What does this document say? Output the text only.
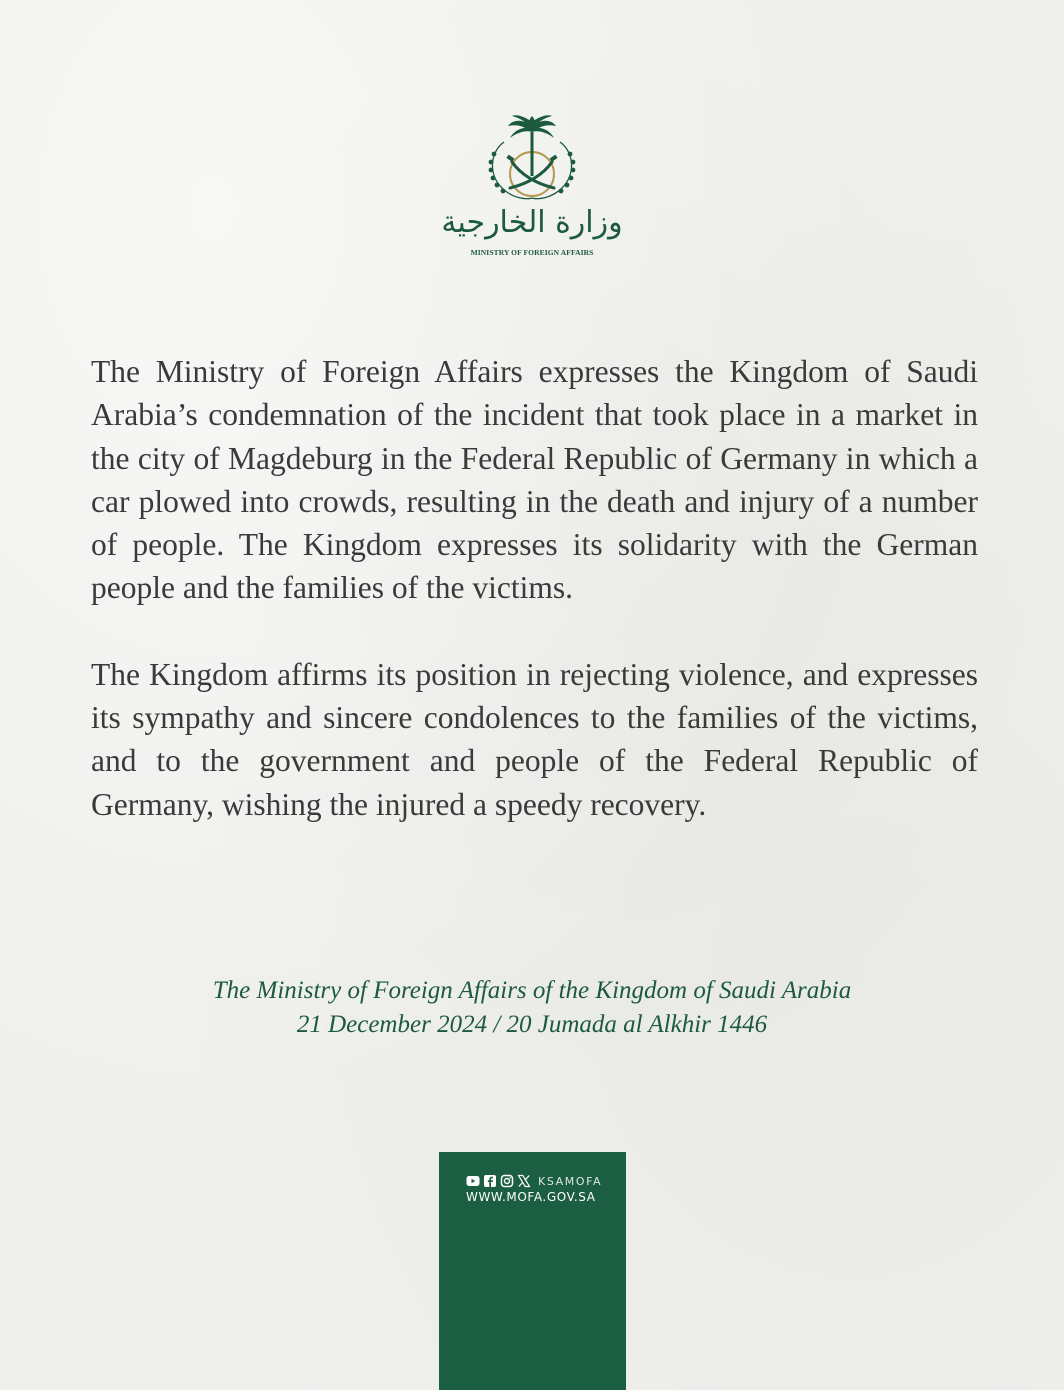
وزارة الخارجية
MINISTRY OF FOREIGN AFFAIRS

The Ministry of Foreign Affairs expresses the Kingdom of Saudi Arabia’s condemnation of the incident that took place in a market in the city of Magdeburg in the Federal Republic of Germany in which a car plowed into crowds, resulting in the death and injury of a number of people. The Kingdom expresses its solidarity with the German people and the families of the victims.

The Kingdom affirms its position in rejecting violence, and expresses its sympathy and sincere condolences to the families of the victims, and to the government and people of the Federal Republic of Germany, wishing the injured a speedy recovery.

The Ministry of Foreign Affairs of the Kingdom of Saudi Arabia
21 December 2024 / 20 Jumada al Alkhir 1446
KSAMOFA
WWW.MOFA.GOV.SA
